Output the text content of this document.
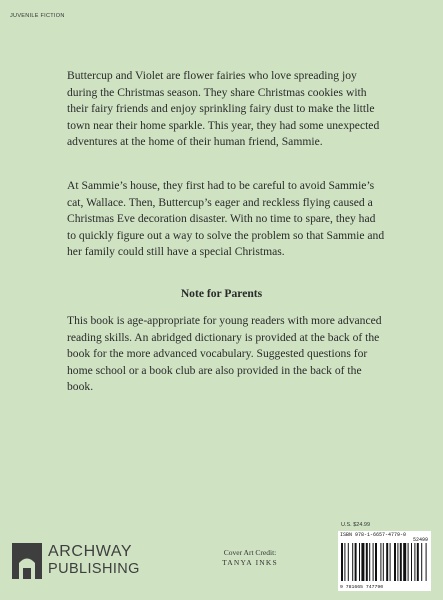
JUVENILE FICTION

Buttercup and Violet are flower fairies who love spreading joy during the Christmas season. They share Christmas cookies with their fairy friends and enjoy sprinkling fairy dust to make the little town near their home sparkle. This year, they had some unexpected adventures at the home of their human friend, Sammie.

At Sammie’s house, they first had to be careful to avoid Sammie’s cat, Wallace. Then, Buttercup’s eager and reckless flying caused a Christmas Eve decoration disaster. With no time to spare, they had to quickly figure out a way to solve the problem so that Sammie and her family could still have a special Christmas.

Note for Parents

This book is age-appropriate for young readers with more advanced reading skills. An abridged dictionary is provided at the back of the book for the more advanced vocabulary. Suggested questions for home school or a book club are also provided in the back of the book.

ARCHWAY
PUBLISHING
Cover Art Credit:
TANYA INKS
U.S. $24.99
ISBN 978-1-6657-4779-0
52499
9 781665 747790
